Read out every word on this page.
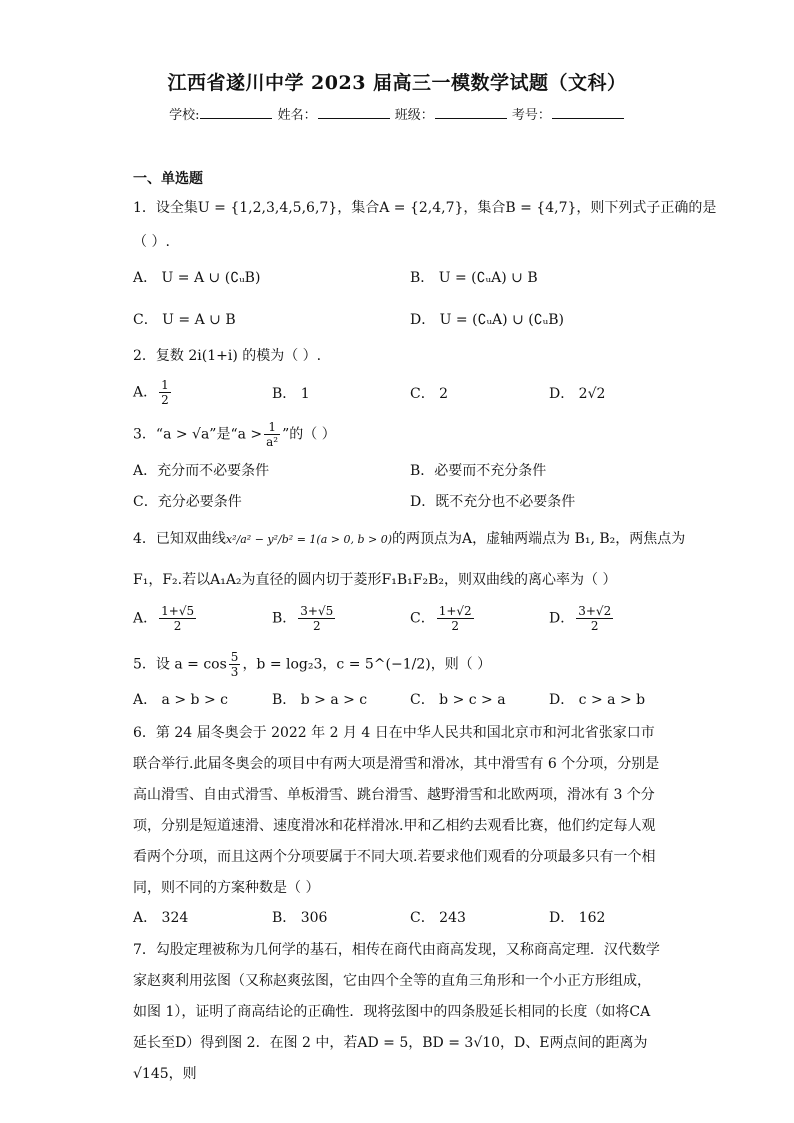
江西省遂川中学 2023 届高三一模数学试题（文科）
学校:	姓名：	班级：	考号：
一、单选题
1．设全集U = {1,2,3,4,5,6,7}，集合A = {2,4,7}，集合B = {4,7}，则下列式子正确的是
（ ）.
A． U = A ∪ (∁ᵤB)	B． U = (∁ᵤA) ∪ B
C． U = A ∪ B	D． U = (∁ᵤA) ∪ (∁ᵤB)
2．复数 2i(1+i) 的模为（ ）.
A． $\frac{1}{2}$	B． 1	C． 2	D． 2√2
3．“a > √a”是“$a > \frac{1}{\text{a²}}$ ”的（ ）
A．充分而不必要条件	B．必要而不充分条件
C．充分必要条件	D．既不充分也不必要条件
4．已知双曲线x²/a² − y²/b² = 1(a > 0, b > 0)的两顶点为A，虚轴两端点为 B₁, B₂，两焦点为
F₁，F₂.若以A₁A₂为直径的圆内切于菱形F₁B₁F₂B₂，则双曲线的离心率为（ ）
A． $\frac{1+√5}{2}$	B． $\frac{3+√5}{2}$	C． $\frac{1+√2}{2}$	D． $\frac{3+√2}{2}$
5．设 $a = \cos \frac{5}{3}$ ，b = log₂3，c = 5^(−1/2)，则（ ）
A． a > b > c	B． b > a > c	C． b > c > a	D． c > a > b
6．第 24 届冬奥会于 2022 年 2 月 4 日在中华人民共和国北京市和河北省张家口市联合举行.此届冬奥会的项目中有两大项是滑雪和滑冰，其中滑雪有 6 个分项，分别是高山滑雪、自由式滑雪、单板滑雪、跳台滑雪、越野滑雪和北欧两项，滑冰有 3 个分项，分别是短道速滑、速度滑冰和花样滑冰.甲和乙相约去观看比赛，他们约定每人观看两个分项，而且这两个分项要属于不同大项.若要求他们观看的分项最多只有一个相同，则不同的方案种数是（ ）
A． 324	B． 306	C． 243	D． 162
7．勾股定理被称为几何学的基石，相传在商代由商高发现，又称商高定理．汉代数学家赵爽利用弦图（又称赵爽弦图，它由四个全等的直角三角形和一个小正方形组成，如图 1），证明了商高结论的正确性．现将弦图中的四条股延长相同的长度（如将CA延长至D）得到图 2．在图 2 中，若AD = 5，BD = 3√10，D、E两点间的距离为√145，则
